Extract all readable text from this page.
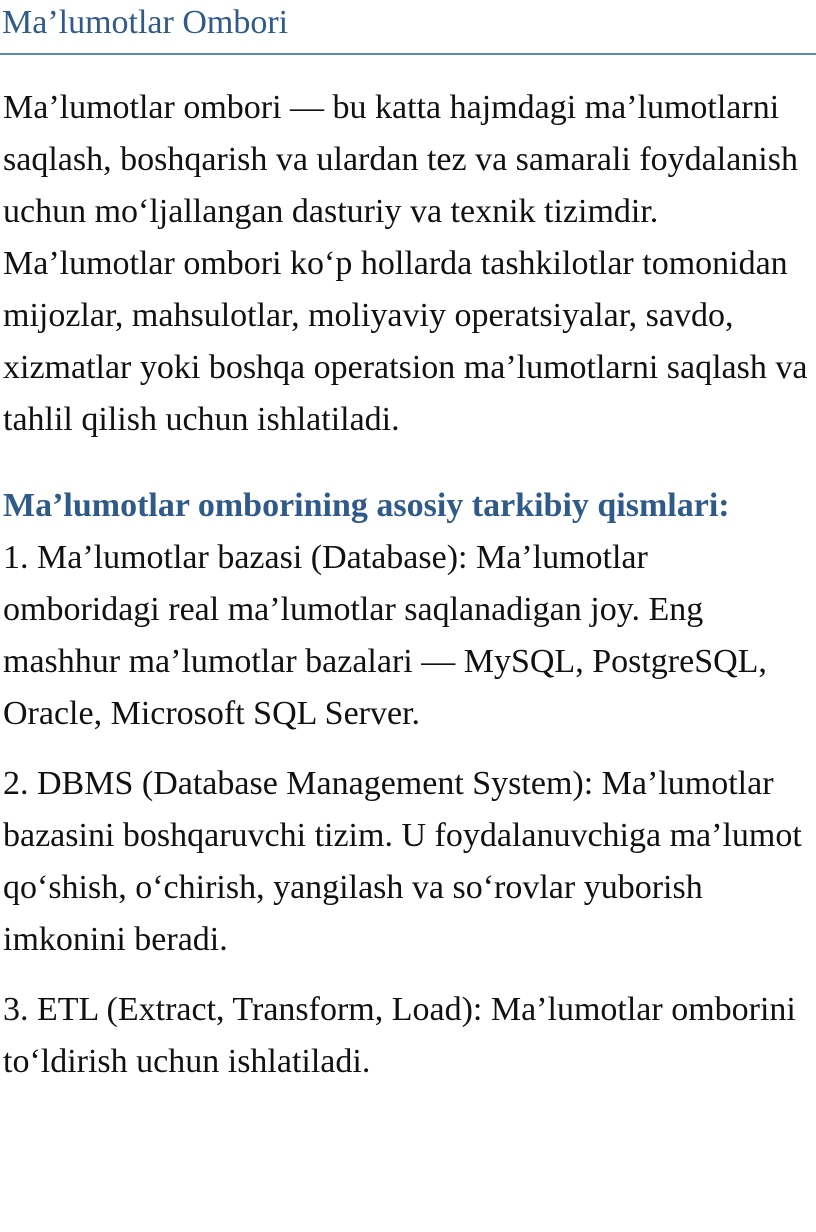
Ma’lumotlar Ombori

Ma’lumotlar ombori — bu katta hajmdagi ma’lumotlarni saqlash, boshqarish va ulardan tez va samarali foydalanish uchun mo‘ljallangan dasturiy va texnik tizimdir. Ma’lumotlar ombori ko‘p hollarda tashkilotlar tomonidan mijozlar, mahsulotlar, moliyaviy operatsiyalar, savdo, xizmatlar yoki boshqa operatsion ma’lumotlarni saqlash va tahlil qilish uchun ishlatiladi.

Ma’lumotlar omborining asosiy tarkibiy qismlari:

1. Ma’lumotlar bazasi (Database): Ma’lumotlar omboridagi real ma’lumotlar saqlanadigan joy. Eng mashhur ma’lumotlar bazalari — MySQL, PostgreSQL, Oracle, Microsoft SQL Server.

2. DBMS (Database Management System): Ma’lumotlar bazasini boshqaruvchi tizim. U foydalanuvchiga ma’lumot qo‘shish, o‘chirish, yangilash va so‘rovlar yuborish imkonini beradi.

3. ETL (Extract, Transform, Load): Ma’lumotlar omborini to‘ldirish uchun ishlatiladi.
